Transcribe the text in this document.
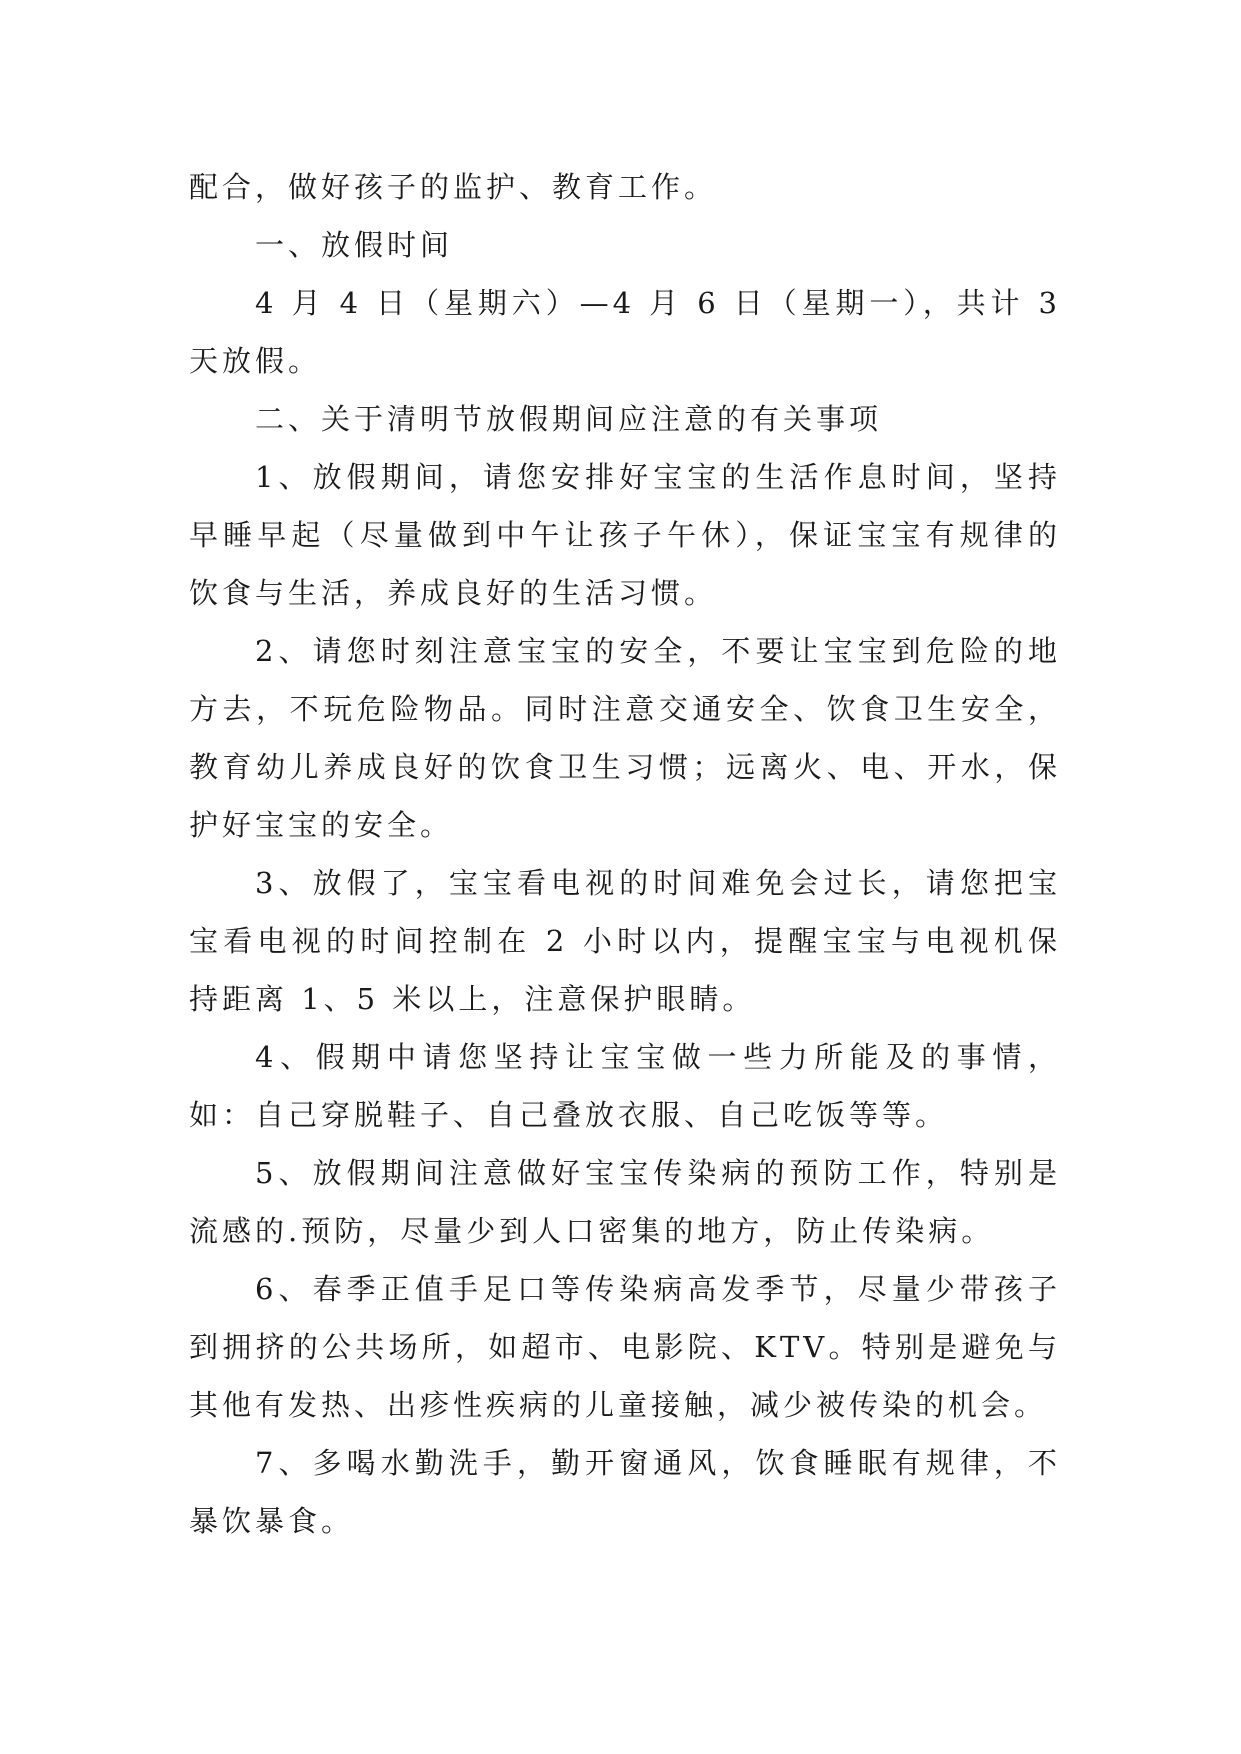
配合，做好孩子的监护、教育工作。

一、放假时间

4 月 4 日（星期六）—4 月 6 日（星期一），共计 3 天放假。

二、关于清明节放假期间应注意的有关事项

1、放假期间，请您安排好宝宝的生活作息时间，坚持早睡早起（尽量做到中午让孩子午休），保证宝宝有规律的饮食与生活，养成良好的生活习惯。

2、请您时刻注意宝宝的安全，不要让宝宝到危险的地方去，不玩危险物品。同时注意交通安全、饮食卫生安全，教育幼儿养成良好的饮食卫生习惯；远离火、电、开水，保护好宝宝的安全。

3、放假了，宝宝看电视的时间难免会过长，请您把宝宝看电视的时间控制在 2 小时以内，提醒宝宝与电视机保持距离 1、5 米以上，注意保护眼睛。

4、假期中请您坚持让宝宝做一些力所能及的事情，如：自己穿脱鞋子、自己叠放衣服、自己吃饭等等。

5、放假期间注意做好宝宝传染病的预防工作，特别是流感的.预防，尽量少到人口密集的地方，防止传染病。

6、春季正值手足口等传染病高发季节，尽量少带孩子到拥挤的公共场所，如超市、电影院、KTV。特别是避免与其他有发热、出疹性疾病的儿童接触，减少被传染的机会。

7、多喝水勤洗手，勤开窗通风，饮食睡眠有规律，不暴饮暴食。
